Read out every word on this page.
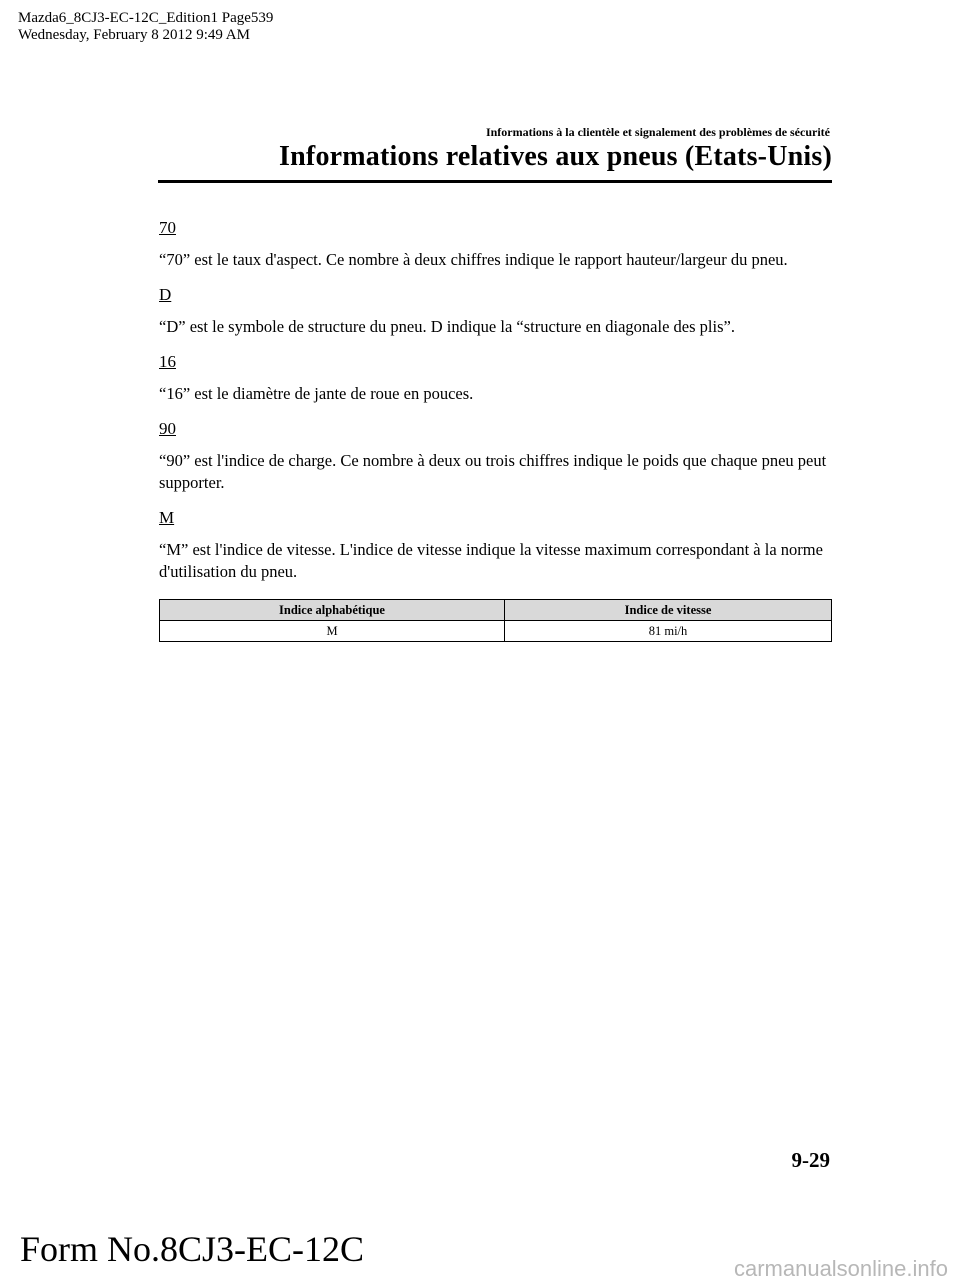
Mazda6_8CJ3-EC-12C_Edition1 Page539
Wednesday, February 8 2012 9:49 AM
Informations à la clientèle et signalement des problèmes de sécurité
Informations relatives aux pneus (Etats-Unis)
70

“70” est le taux d'aspect. Ce nombre à deux chiffres indique le rapport hauteur/largeur du pneu.

D

“D” est le symbole de structure du pneu. D indique la “structure en diagonale des plis”.

16

“16” est le diamètre de jante de roue en pouces.

90

“90” est l'indice de charge. Ce nombre à deux ou trois chiffres indique le poids que chaque pneu peut supporter.

M

“M” est l'indice de vitesse. L'indice de vitesse indique la vitesse maximum correspondant à la norme d'utilisation du pneu.

Indice alphabétique	Indice de vitesse
M	81 mi/h
9-29
Form No.8CJ3-EC-12C	carmanualsonline.info
